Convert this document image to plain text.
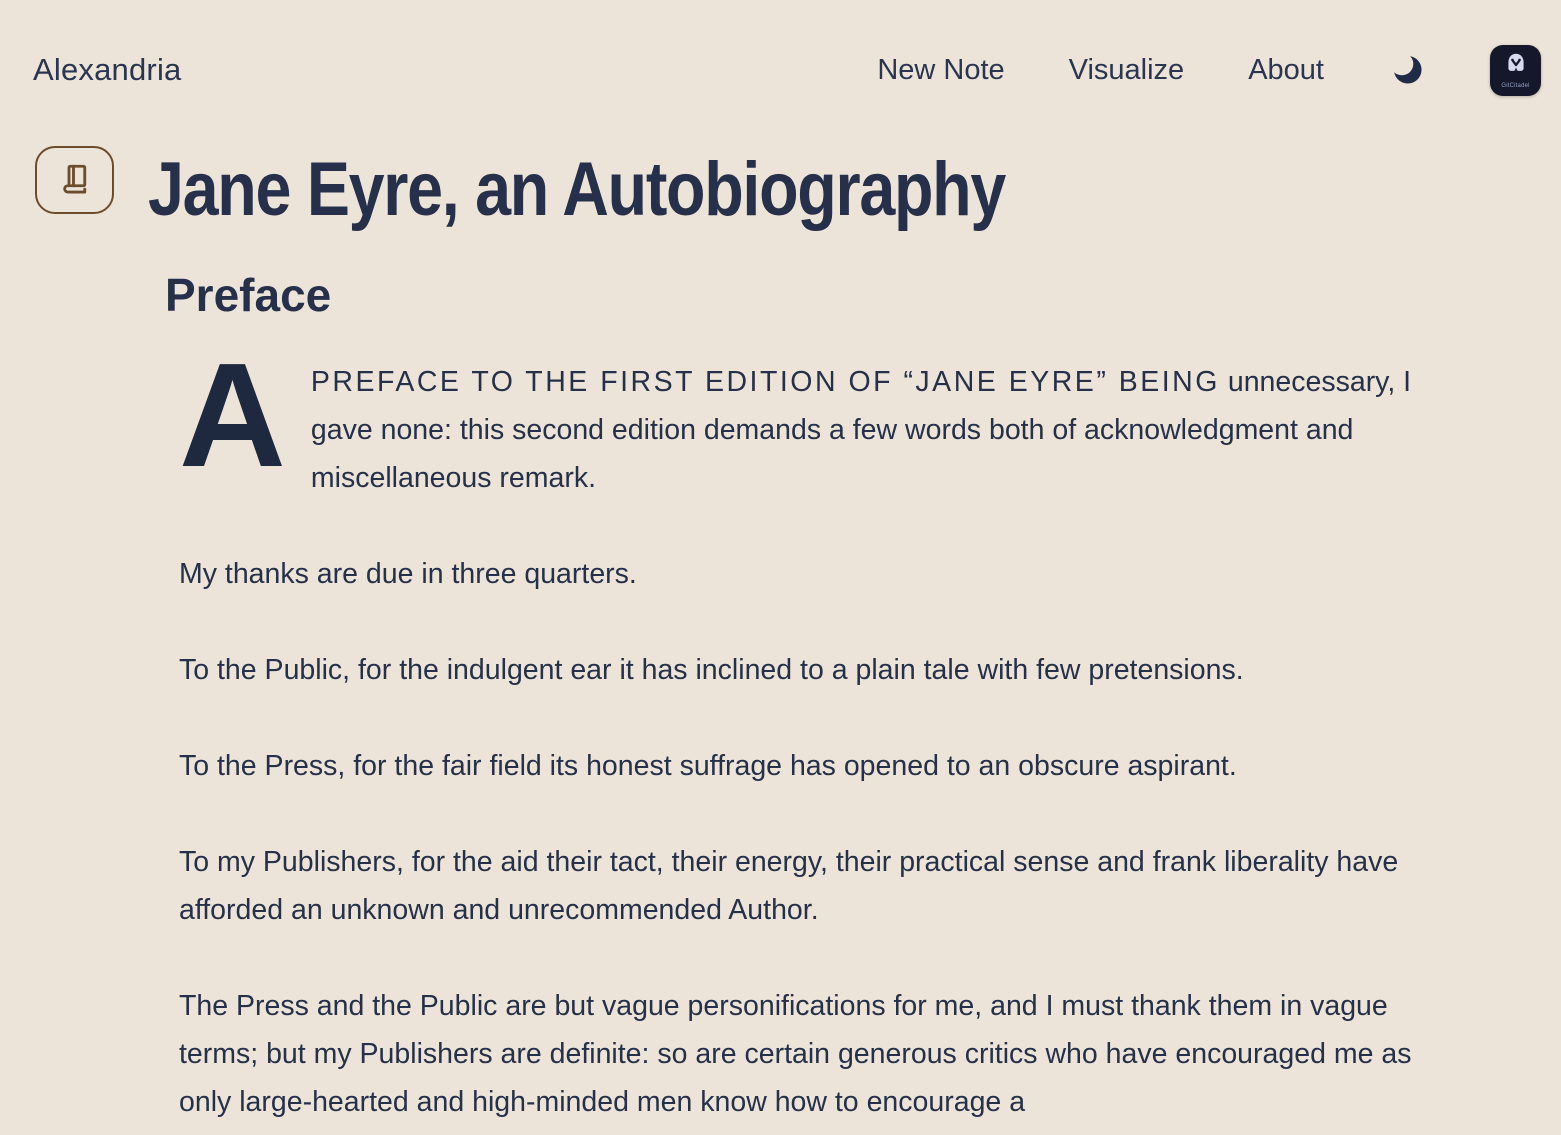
Alexandria	New Note Visualize About
GitCitadel
Jane Eyre, an Autobiography
Preface

APREFACE TO THE FIRST EDITION OF “JANE EYRE” BEING unnecessary, I gave none: this second edition demands a few words both of acknowledgment and miscellaneous remark.

My thanks are due in three quarters.

To the Public, for the indulgent ear it has inclined to a plain tale with few pretensions.

To the Press, for the fair field its honest suffrage has opened to an obscure aspirant.

To my Publishers, for the aid their tact, their energy, their practical sense and frank liberality have afforded an unknown and unrecommended Author.

The Press and the Public are but vague personifications for me, and I must thank them in vague terms; but my Publishers are definite: so are certain generous critics who have encouraged me as only large-hearted and high-minded men know how to encourage a
